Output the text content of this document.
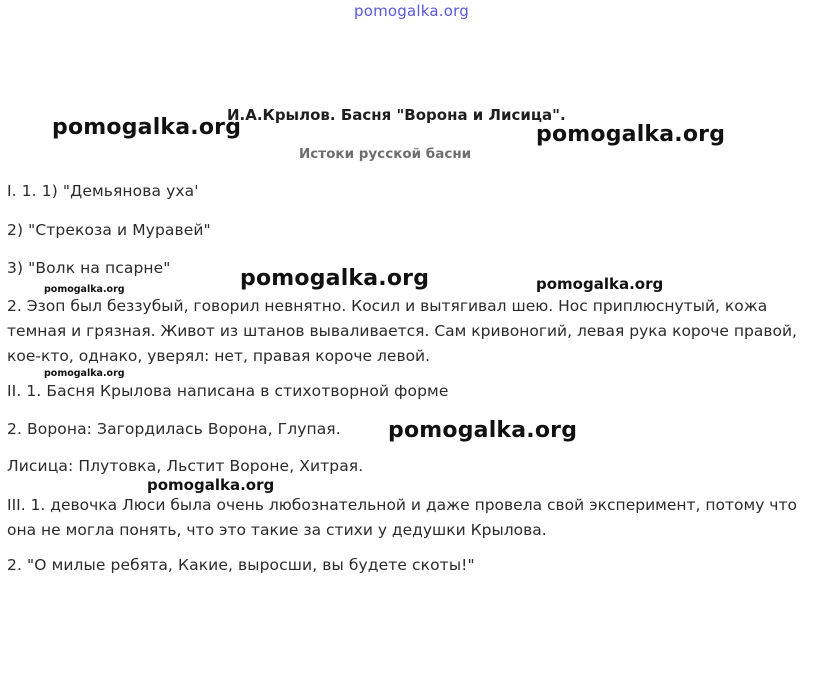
pomogalka.org
И.А.Крылов. Басня "Ворона и Лисица".
Истоки русской басни
I. 1. 1) "Демьянова уха'
2) "Стрекоза и Муравей"
3) "Волк на псарне"
2. Эзоп был беззубый, говорил невнятно. Косил и вытягивал шею. Нос приплюснутый, кожа темная и грязная. Живот из штанов вываливается. Сам кривоногий, левая рука короче правой, кое-кто, однако, уверял: нет, правая короче левой.
II. 1. Басня Крылова написана в стихотворной форме
2. Ворона: Загордилась Ворона, Глупая.
Лисица: Плутовка, Льстит Вороне, Хитрая.
III. 1. девочка Люси была очень любознательной и даже провела свой эксперимент, потому что она не могла понять, что это такие за стихи у дедушки Крылова.
2. "О милые ребята, Какие, выросши, вы будете скоты!"
pomogalka.org	pomogalka.org
pomogalka.org	pomogalka.org
pomogalka.org
pomogalka.org
pomogalka.org
pomogalka.org
